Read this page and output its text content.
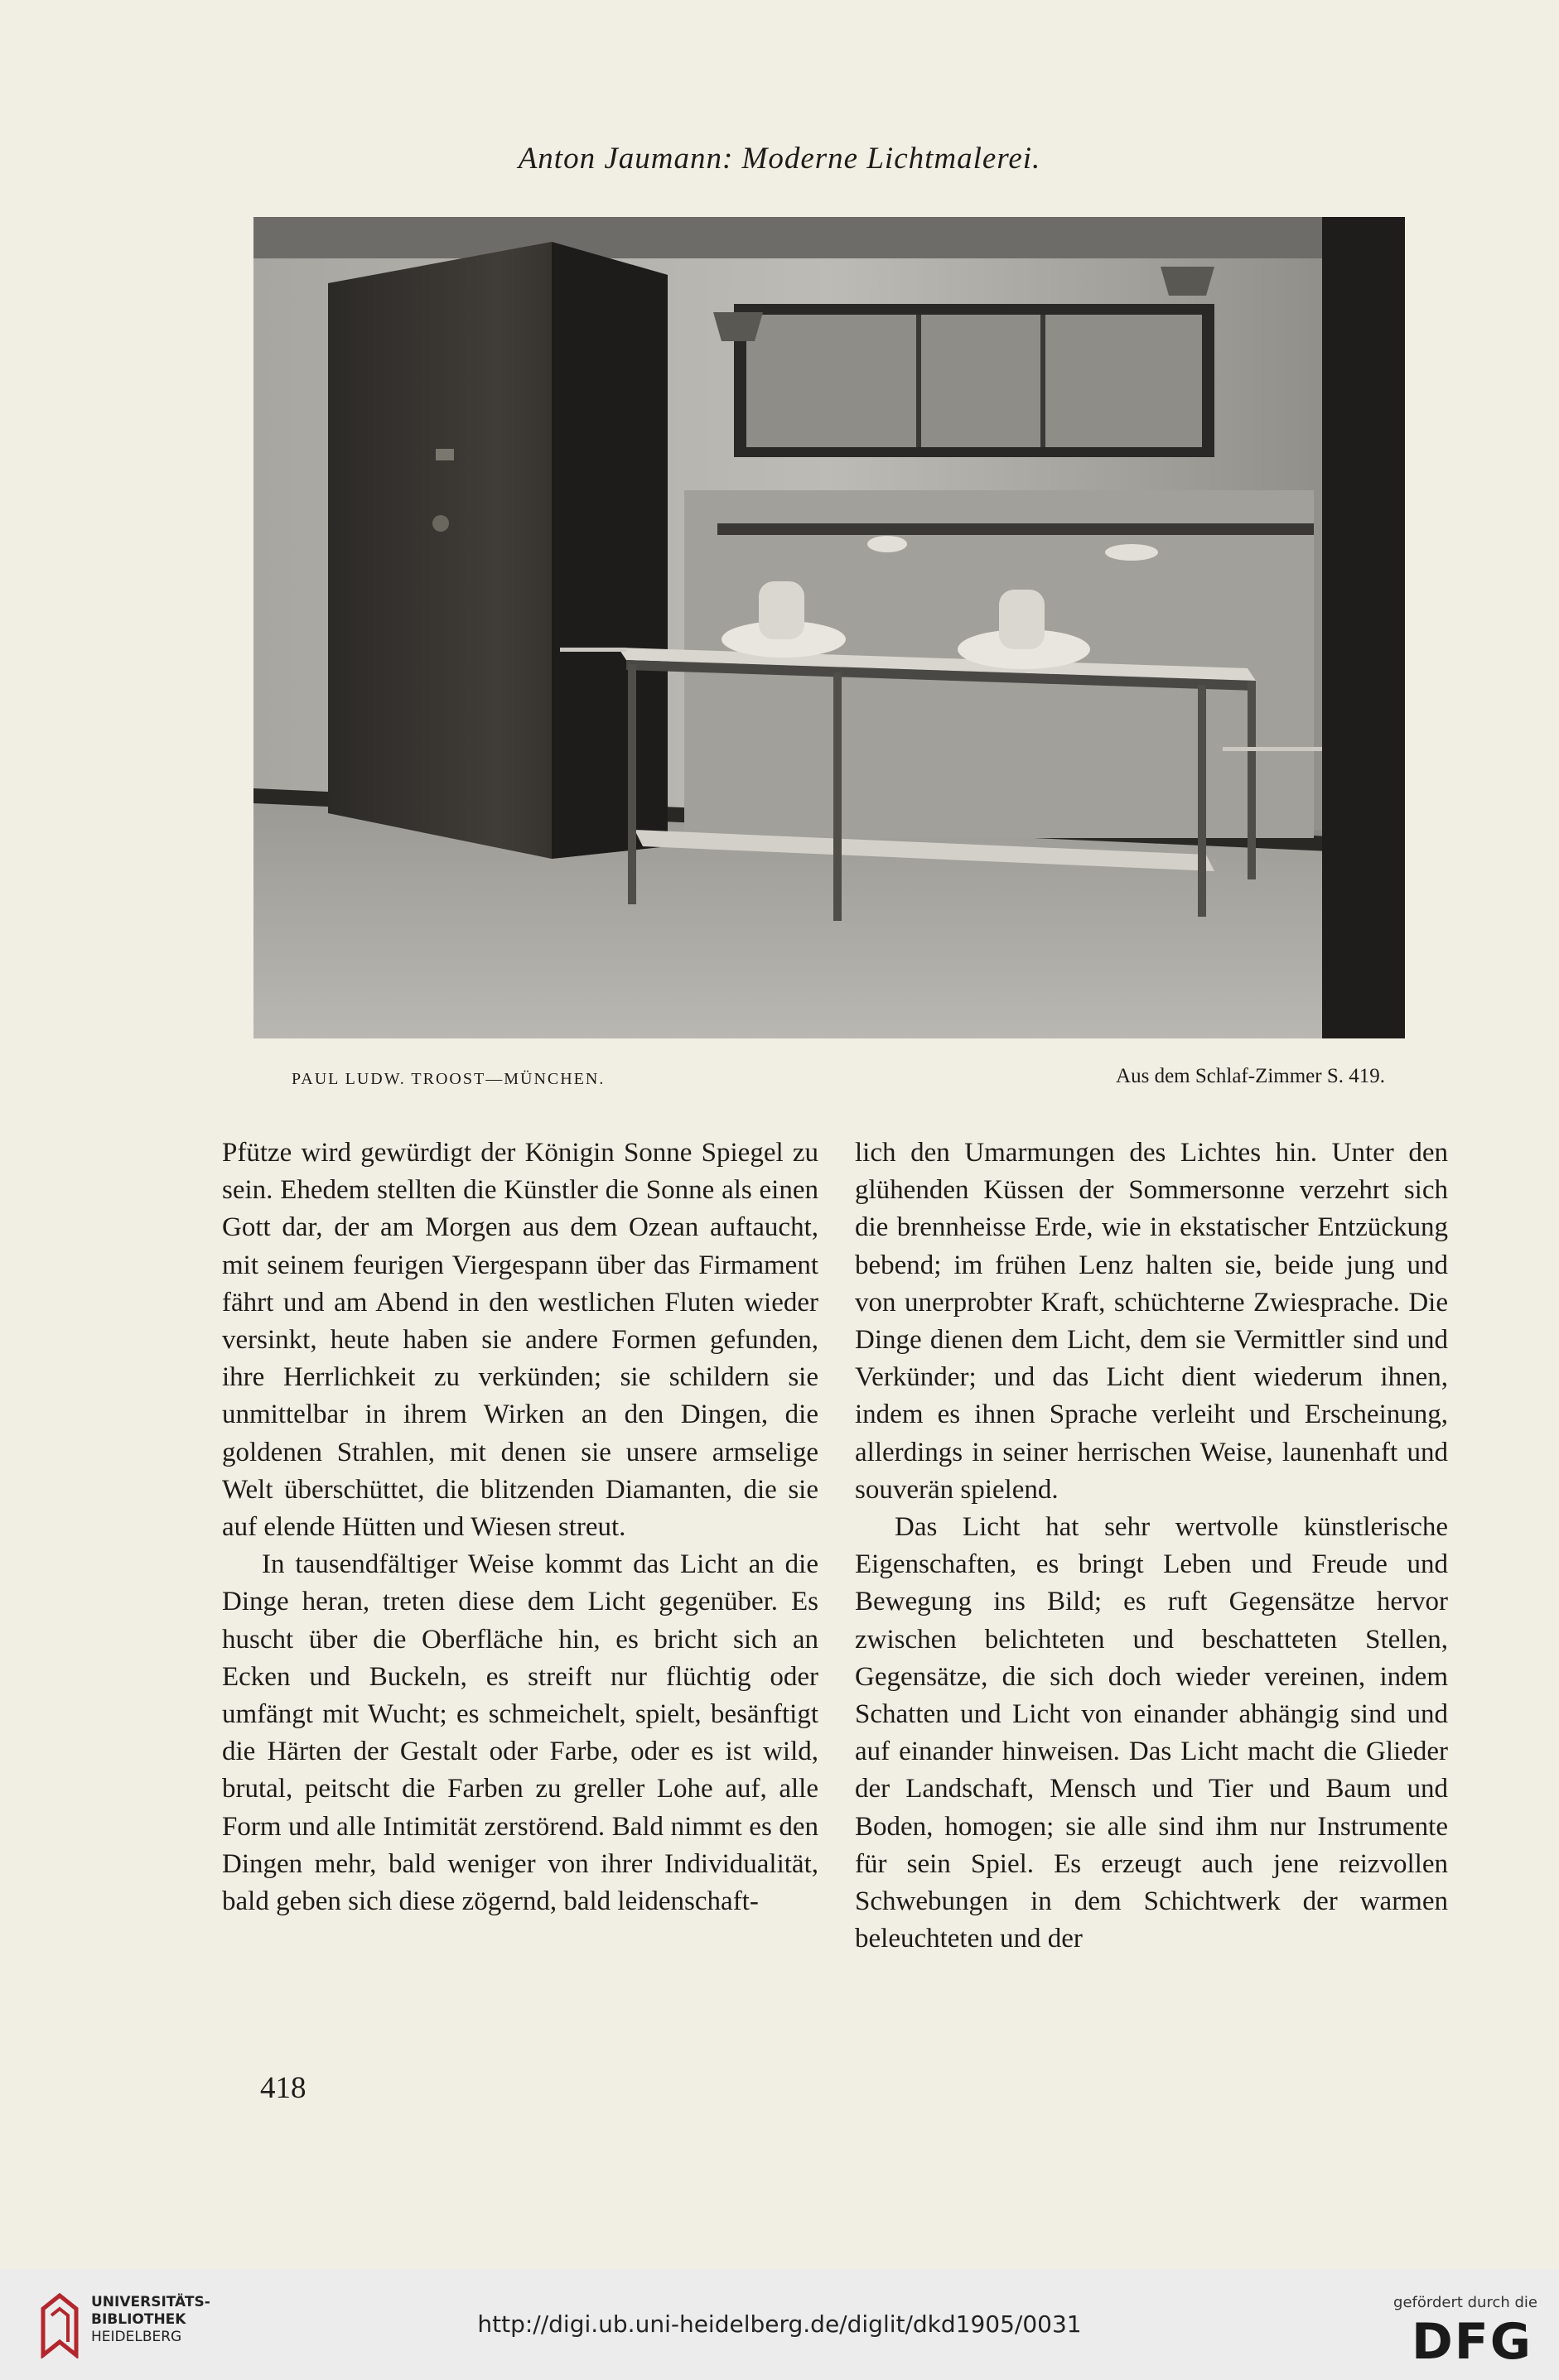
Anton Jaumann: Moderne Lichtmalerei.
PAUL LUDW. TROOST—MÜNCHEN.	Aus dem Schlaf-Zimmer S. 419.

Pfütze wird gewürdigt der Königin Sonne Spiegel zu sein. Ehedem stellten die Künstler die Sonne als einen Gott dar, der am Morgen aus dem Ozean auftaucht, mit seinem feurigen Viergespann über das Firmament fährt und am Abend in den westlichen Fluten wieder versinkt, heute haben sie andere Formen gefunden, ihre Herrlichkeit zu verkünden; sie schildern sie unmittelbar in ihrem Wirken an den Dingen, die goldenen Strahlen, mit denen sie unsere armselige Welt überschüttet, die blitzenden Diamanten, die sie auf elende Hütten und Wiesen streut.

In tausendfältiger Weise kommt das Licht an die Dinge heran, treten diese dem Licht gegenüber. Es huscht über die Oberfläche hin, es bricht sich an Ecken und Buckeln, es streift nur flüchtig oder umfängt mit Wucht; es schmeichelt, spielt, besänftigt die Härten der Gestalt oder Farbe, oder es ist wild, brutal, peitscht die Farben zu greller Lohe auf, alle Form und alle Intimität zerstörend. Bald nimmt es den Dingen mehr, bald weniger von ihrer Individualität, bald geben sich diese zögernd, bald leidenschaft-

lich den Umarmungen des Lichtes hin. Unter den glühenden Küssen der Sommersonne verzehrt sich die brennheisse Erde, wie in ekstatischer Entzückung bebend; im frühen Lenz halten sie, beide jung und von unerprobter Kraft, schüchterne Zwiesprache. Die Dinge dienen dem Licht, dem sie Vermittler sind und Verkünder; und das Licht dient wiederum ihnen, indem es ihnen Sprache verleiht und Erscheinung, allerdings in seiner herrischen Weise, launenhaft und souverän spielend.

Das Licht hat sehr wertvolle künstlerische Eigenschaften, es bringt Leben und Freude und Bewegung ins Bild; es ruft Gegensätze hervor zwischen belichteten und beschatteten Stellen, Gegensätze, die sich doch wieder vereinen, indem Schatten und Licht von einander abhängig sind und auf einander hinweisen. Das Licht macht die Glieder der Landschaft, Mensch und Tier und Baum und Boden, homogen; sie alle sind ihm nur Instrumente für sein Spiel. Es erzeugt auch jene reizvollen Schwebungen in dem Schichtwerk der warmen beleuchteten und der

418
UNIVERSITÄTS-
BIBLIOTHEK
HEIDELBERG	http://digi.ub.uni-heidelberg.de/diglit/dkd1905/0031
gefördert durch die
DFG
